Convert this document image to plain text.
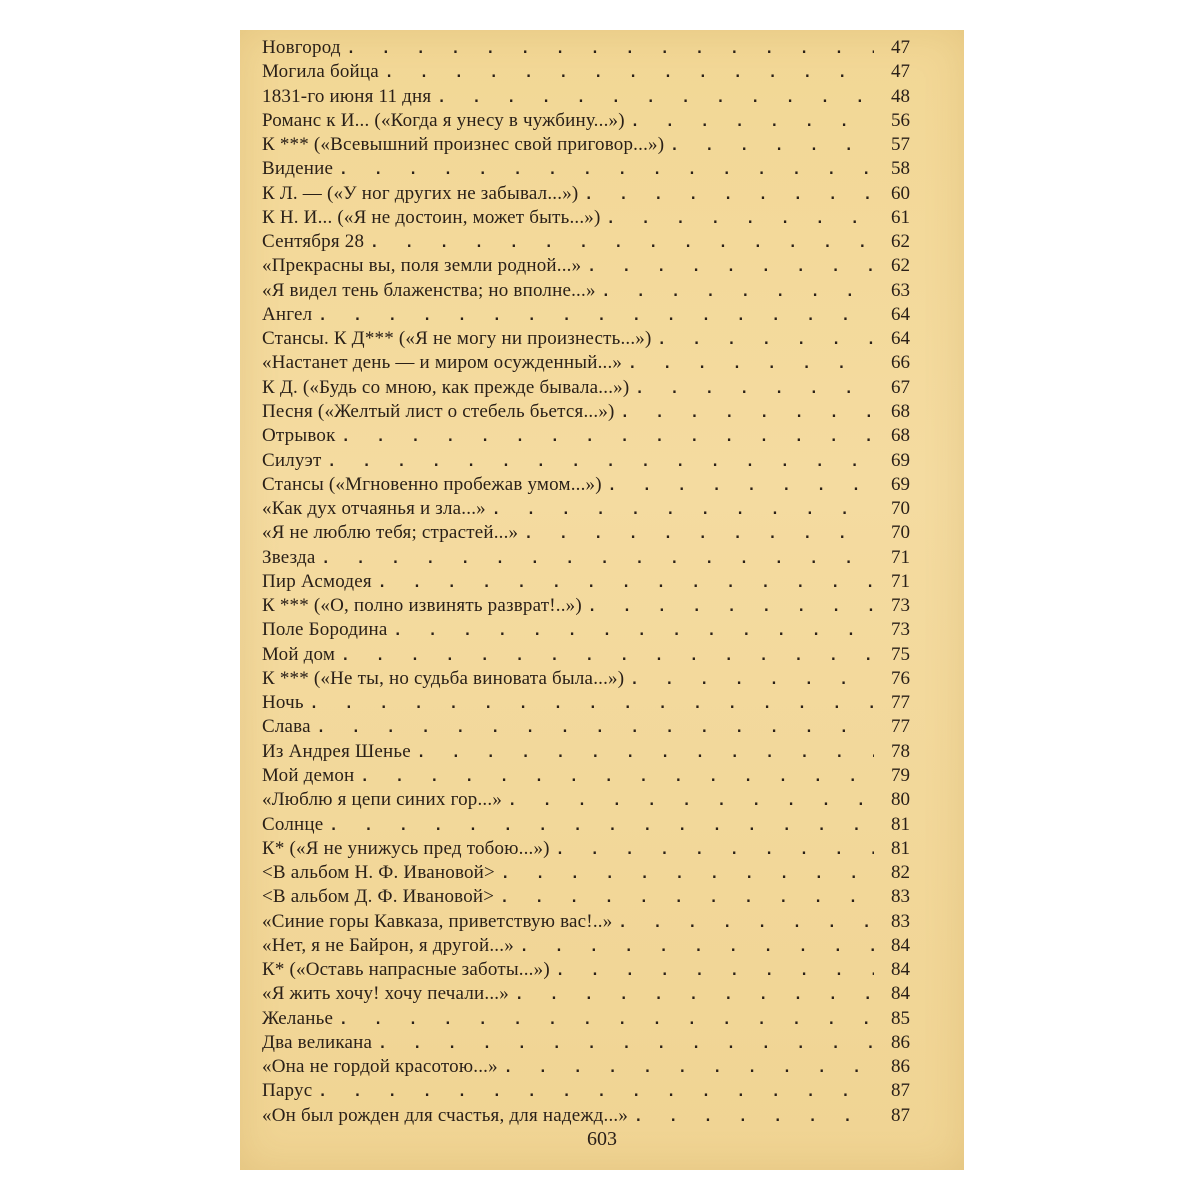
Новгород . . .	47
Могила бойца . . .	47
1831-го июня 11 дня . . .	48
Романс к И... («Когда я унесу в чужбину...») . . .	56
К *** («Всевышний произнес свой приговор...») . . .	57
Видение . . .	58
К Л. — («У ног других не забывал...») . . .	60
К Н. И... («Я не достоин, может быть...») . . .	61
Сентября 28 . . .	62
«Прекрасны вы, поля земли родной...» . . .	62
«Я видел тень блаженства; но вполне...» . . .	63
Ангел . . .	64
Стансы. К Д*** («Я не могу ни произнесть...») . . .	64
«Настанет день — и миром осужденный...» . . .	66
К Д. («Будь со мною, как прежде бывала...») . . .	67
Песня («Желтый лист о стебель бьется...») . . .	68
Отрывок . . .	68
Силуэт . . .	69
Стансы («Мгновенно пробежав умом...») . . .	69
«Как дух отчаянья и зла...» . . .	70
«Я не люблю тебя; страстей...» . . .	70
Звезда . . .	71
Пир Асмодея . . .	71
К *** («О, полно извинять разврат!..») . . .	73
Поле Бородина . . .	73
Мой дом . . .	75
К *** («Не ты, но судьба виновата была...») . . .	76
Ночь . . .	77
Слава . . .	77
Из Андрея Шенье . . .	78
Мой демон . . .	79
«Люблю я цепи синих гор...» . . .	80
Солнце . . .	81
К* («Я не унижусь пред тобою...») . . .	81
<В альбом Н. Ф. Ивановой> . . .	82
<В альбом Д. Ф. Ивановой> . . .	83
«Синие горы Кавказа, приветствую вас!..» . . .	83
«Нет, я не Байрон, я другой...» . . .	84
К* («Оставь напрасные заботы...») . . .	84
«Я жить хочу! хочу печали...» . . .	84
Желанье . . .	85
Два великана . . .	86
«Она не гордой красотою...» . . .	86
Парус . . .	87
«Он был рожден для счастья, для надежд...» . . .	87
603
